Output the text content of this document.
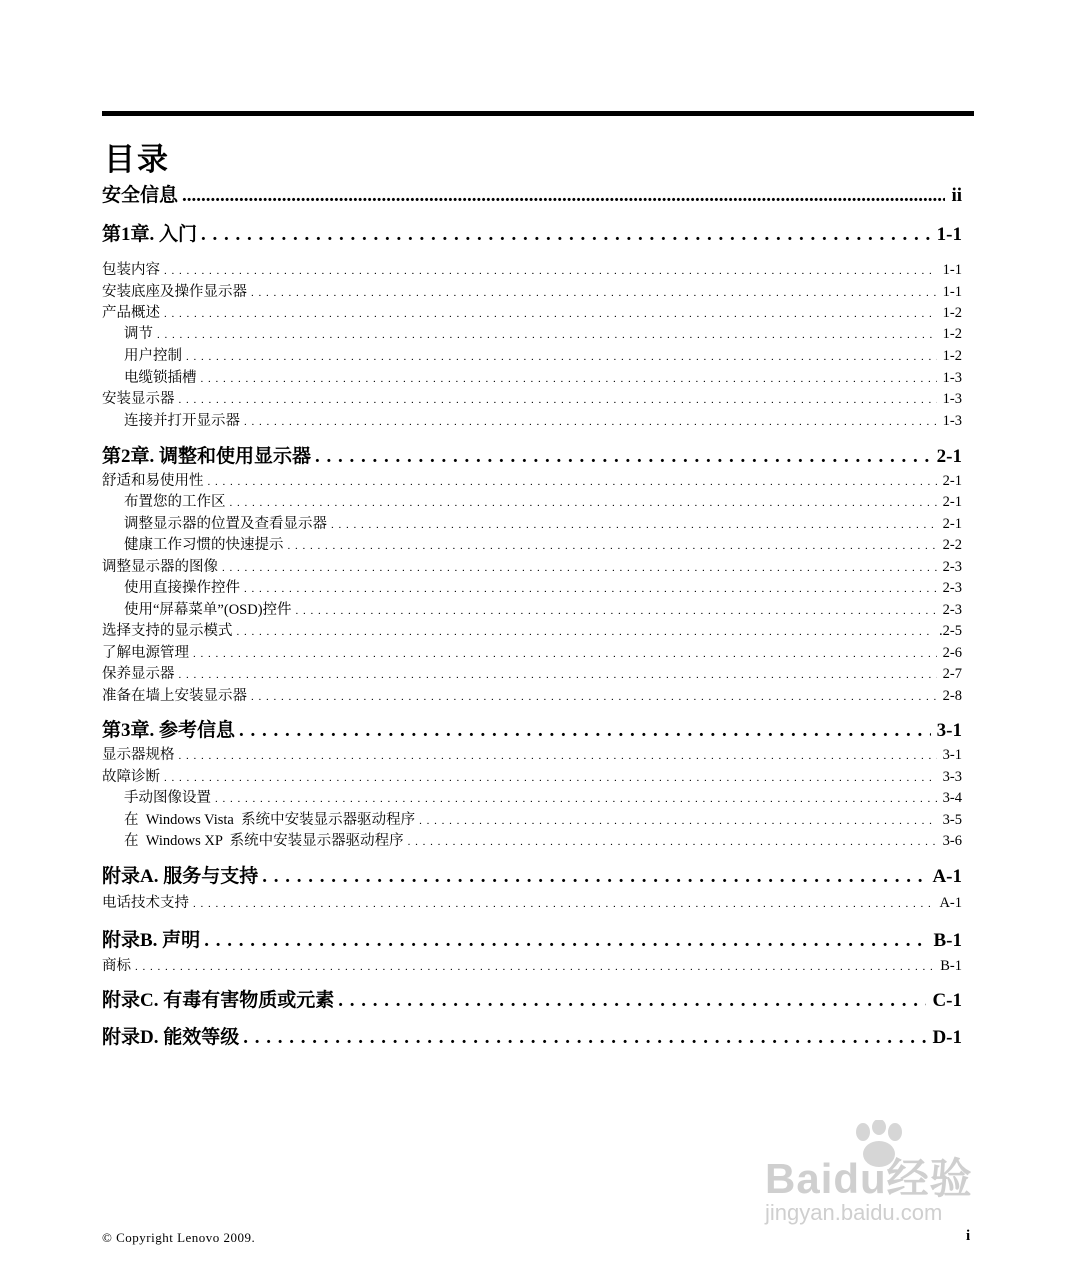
目录
安全信息 .....	ii
第1章. 入门 . . .	1-1
包装内容 . . .	1-1
安装底座及操作显示器 . . .	1-1
产品概述 . . .	1-2
调节 . . .	1-2
用户控制 . . .	1-2
电缆锁插槽 . . .	1-3
安装显示器 . . .	1-3
连接并打开显示器 . . .	1-3
第2章. 调整和使用显示器 . . .	2-1
舒适和易使用性 . . .	2-1
布置您的工作区 . . .	2-1
调整显示器的位置及查看显示器 . . .	2-1
健康工作习惯的快速提示 . . .	2-2
调整显示器的图像 . . .	2-3
使用直接操作控件 . . .	2-3
使用“屏幕菜单”(OSD)控件 . . .	2-3
选择支持的显示模式 . . .	.2-5
了解电源管理 . . .	2-6
保养显示器 . . .	2-7
准备在墙上安装显示器 . . .	2-8
第3章. 参考信息 . . .	3-1
显示器规格 . . .	3-1
故障诊断 . . .	3-3
手动图像设置 . . .	3-4
在  Windows Vista  系统中安装显示器驱动程序 . . .	3-5
在  Windows XP  系统中安装显示器驱动程序 . . .	3-6
附录A. 服务与支持 . . .	A-1
电话技术支持 . . .	A-1
附录B. 声明 . . .	B-1
商标 . . .	B-1
附录C. 有毒有害物质或元素 . . .	C-1
附录D. 能效等级 . . .	D-1
Baidu经验
jingyan.baidu.com
© Copyright Lenovo 2009.	i
